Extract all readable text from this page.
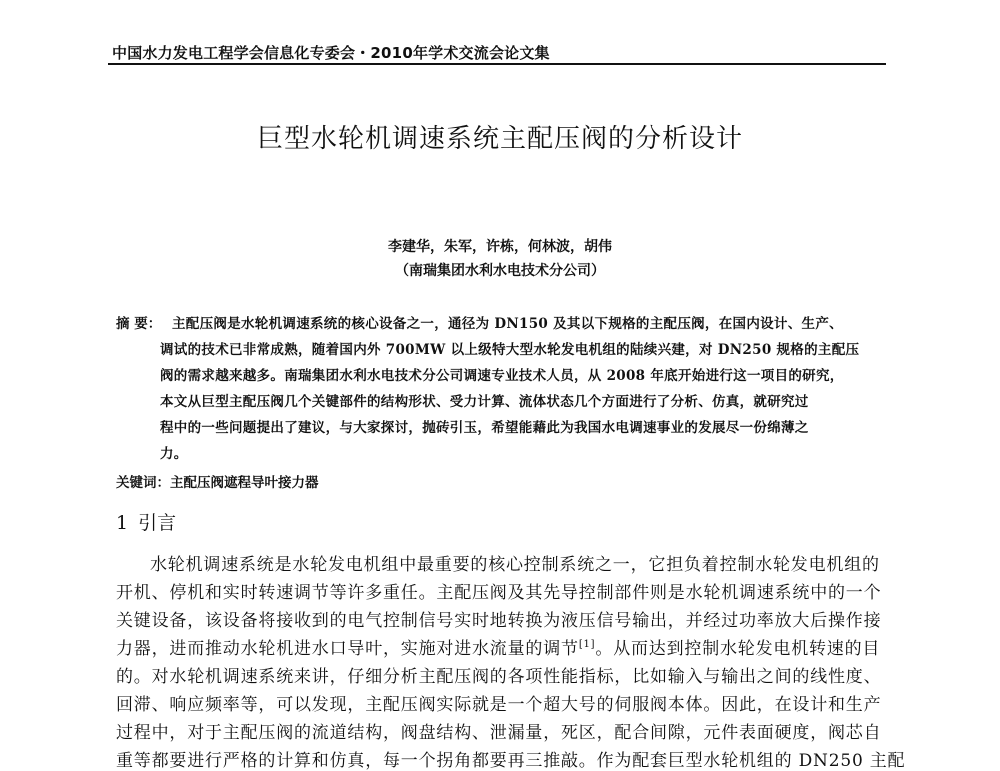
中国水力发电工程学会信息化专委会・2010年学术交流会论文集
巨型水轮机调速系统主配压阀的分析设计
李建华，朱军，许栋，何林波，胡伟
（南瑞集团水利水电技术分公司）
摘 要： 主配压阀是水轮机调速系统的核心设备之一，通径为 DN150 及其以下规格的主配压阀，在国内设计、生产、
调试的技术已非常成熟，随着国内外 700MW 以上级特大型水轮发电机组的陆续兴建，对 DN250 规格的主配压
阀的需求越来越多。南瑞集团水利水电技术分公司调速专业技术人员，从 2008 年底开始进行这一项目的研究，
本文从巨型主配压阀几个关键部件的结构形状、受力计算、流体状态几个方面进行了分析、仿真，就研究过
程中的一些问题提出了建议，与大家探讨，抛砖引玉，希望能藉此为我国水电调速事业的发展尽一份绵薄之
力。
关键词：主配压阀遮程导叶接力器
1 引言
水轮机调速系统是水轮发电机组中最重要的核心控制系统之一，它担负着控制水轮发电机组的
开机、停机和实时转速调节等许多重任。主配压阀及其先导控制部件则是水轮机调速系统中的一个
关键设备，该设备将接收到的电气控制信号实时地转换为液压信号输出，并经过功率放大后操作接
力器，进而推动水轮机进水口导叶，实施对进水流量的调节[1]。从而达到控制水轮发电机转速的目
的。对水轮机调速系统来讲，仔细分析主配压阀的各项性能指标，比如输入与输出之间的线性度、
回滞、响应频率等，可以发现，主配压阀实际就是一个超大号的伺服阀本体。因此，在设计和生产
过程中，对于主配压阀的流道结构，阀盘结构、泄漏量，死区，配合间隙，元件表面硬度，阀芯自
重等都要进行严格的计算和仿真，每一个拐角都要再三推敲。作为配套巨型水轮机组的 DN250 主配
